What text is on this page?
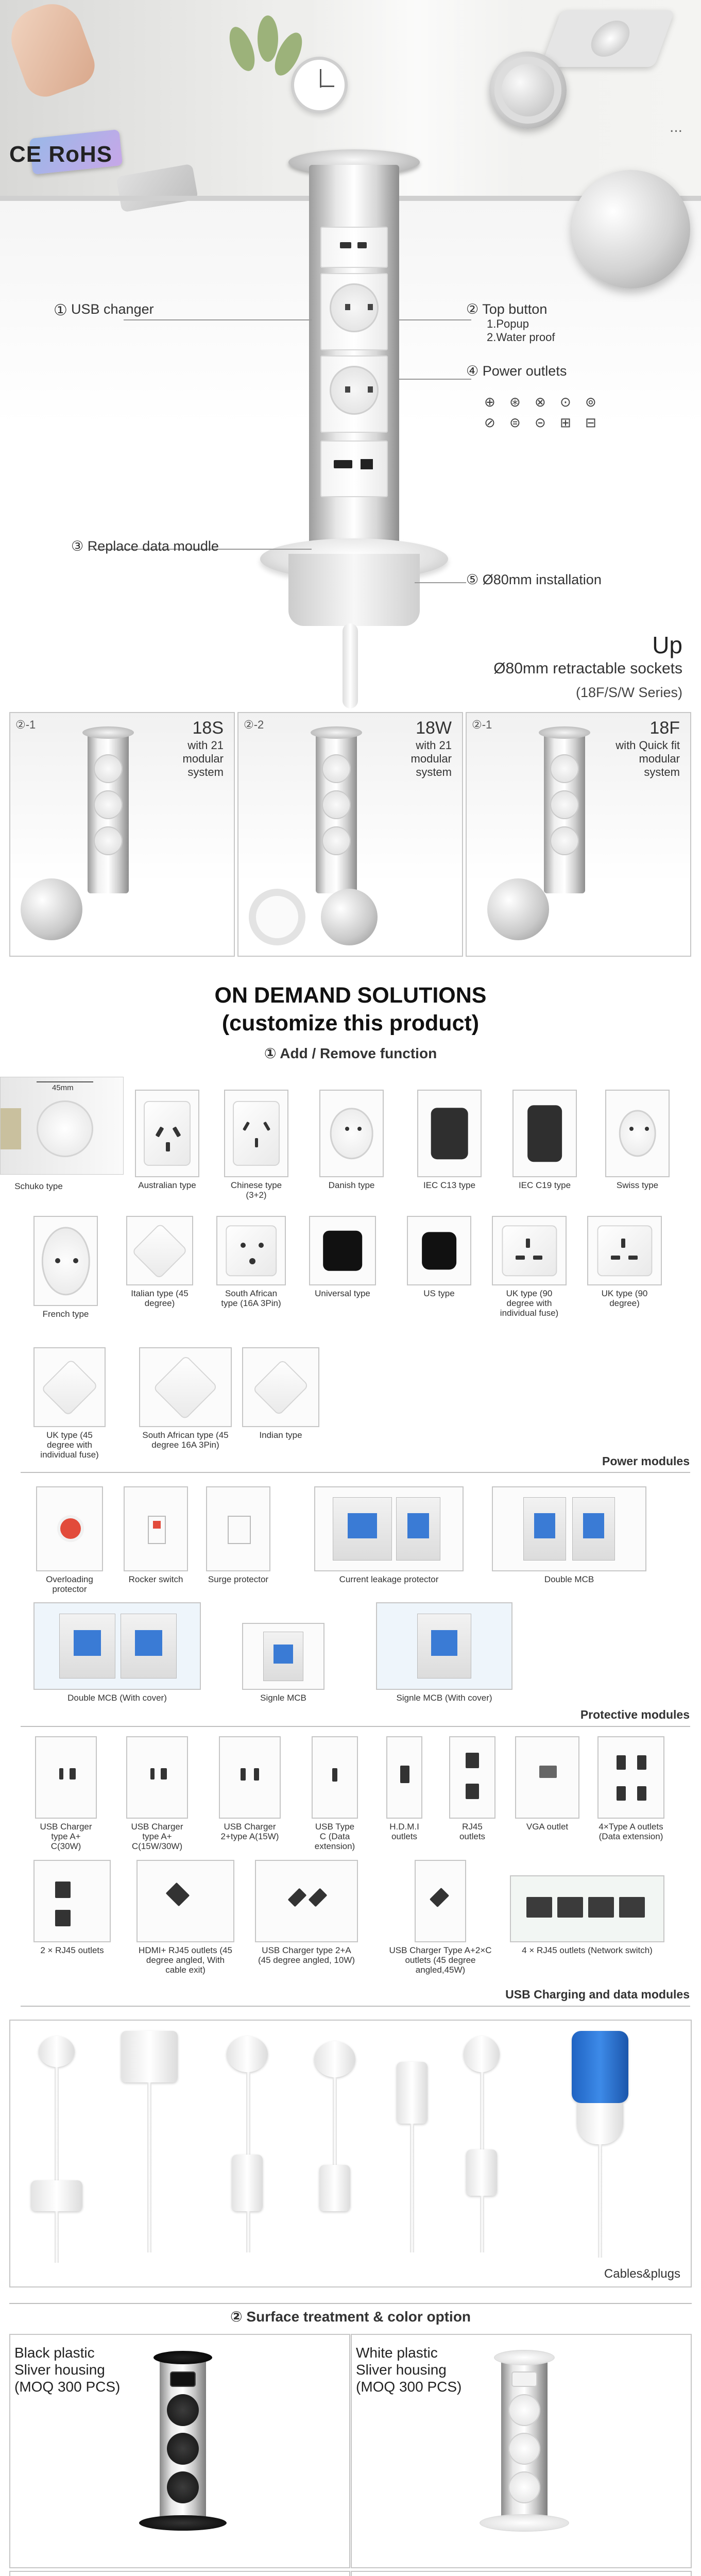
...
CE RoHS
USB changer
①	② Top button
1.Popup
2.Water proof
④ Power outlets
⊕ ⊛ ⊗ ⊙ ⊚
⊘ ⊜ ⊝ ⊞ ⊟
③ Replace data moudle
⑤ Ø80mm installation
Up
Ø80mm retractable sockets
(18F/S/W Series)
②-1	18S
with 21 modular system
②-2	18W
with 21 modular system
②-1	18F
with Quick fit modular system
ON DEMAND SOLUTIONS
(customize this product)
① Add / Remove function
45mm
Australian type	Chinese type (3+2)
Danish type	IEC C13 type	IEC C19 type	Swiss type
Schuko type
French type
Italian type (45 degree)
South African type (16A 3Pin)
Universal type	US type	UK type (90 degree with individual fuse)
UK type (90 degree)
UK type (45 degree with individual fuse)
South African type (45 degree 16A 3Pin)
Indian type
Power modules
Overloading protector
Rocker switch	Surge protector	Current leakage protector	Double MCB
Double MCB (With cover)	Signle MCB	Signle MCB (With cover)
Protective modules
USB Charger type A+ C(30W)
USB Charger type A+ C(15W/30W)
USB Charger 2+type A(15W)
USB Type C (Data extension)
H.D.M.I outlets
RJ45 outlets
VGA outlet	4×Type A outlets (Data extension)
2 × RJ45 outlets	HDMI+ RJ45 outlets (45 degree angled, With cable exit)
USB Charger type 2+A (45 degree angled, 10W)
USB Charger Type A+2×C outlets (45 degree angled,45W)
4 × RJ45 outlets (Network switch)
USB Charging and data modules
Cables&plugs
② Surface treatment & color option
Black plastic
Sliver housing
(MOQ 300 PCS)
White plastic
Sliver housing
(MOQ 300 PCS)
